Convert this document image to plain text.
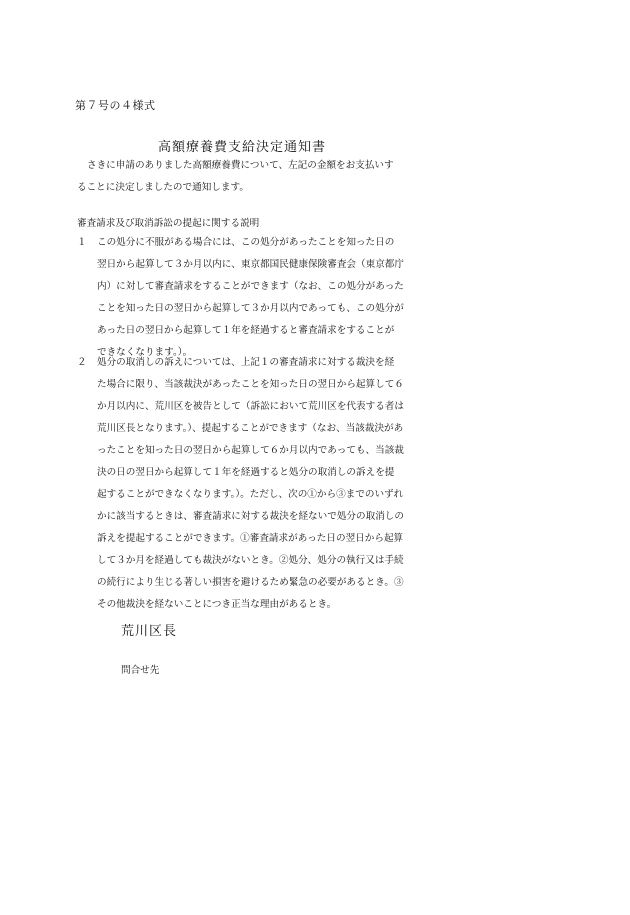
第７号の４様式
高額療養費支給決定通知書
さきに申請のありました高額療養費について、左記の金額をお支払いす
ることに決定しましたので通知します。
審査請求及び取消訴訟の提起に関する説明
１	この処分に不服がある場合には、この処分があったことを知った日の
翌日から起算して３か月以内に、東京都国民健康保険審査会（東京都庁
内）に対して審査請求をすることができます（なお、この処分があった
ことを知った日の翌日から起算して３か月以内であっても、この処分が
あった日の翌日から起算して１年を経過すると審査請求をすることが
できなくなります。）。
２	処分の取消しの訴えについては、上記１の審査請求に対する裁決を経
た場合に限り、当該裁決があったことを知った日の翌日から起算して６
か月以内に、荒川区を被告として（訴訟において荒川区を代表する者は
荒川区長となります。）、提起することができます（なお、当該裁決があ
ったことを知った日の翌日から起算して６か月以内であっても、当該裁
決の日の翌日から起算して１年を経過すると処分の取消しの訴えを提
起することができなくなります。）。ただし、次の①から③までのいずれ
かに該当するときは、審査請求に対する裁決を経ないで処分の取消しの
訴えを提起することができます。①審査請求があった日の翌日から起算
して３か月を経過しても裁決がないとき。②処分、処分の執行又は手続
の続行により生じる著しい損害を避けるため緊急の必要があるとき。③
その他裁決を経ないことにつき正当な理由があるとき。
荒川区長
問合せ先
